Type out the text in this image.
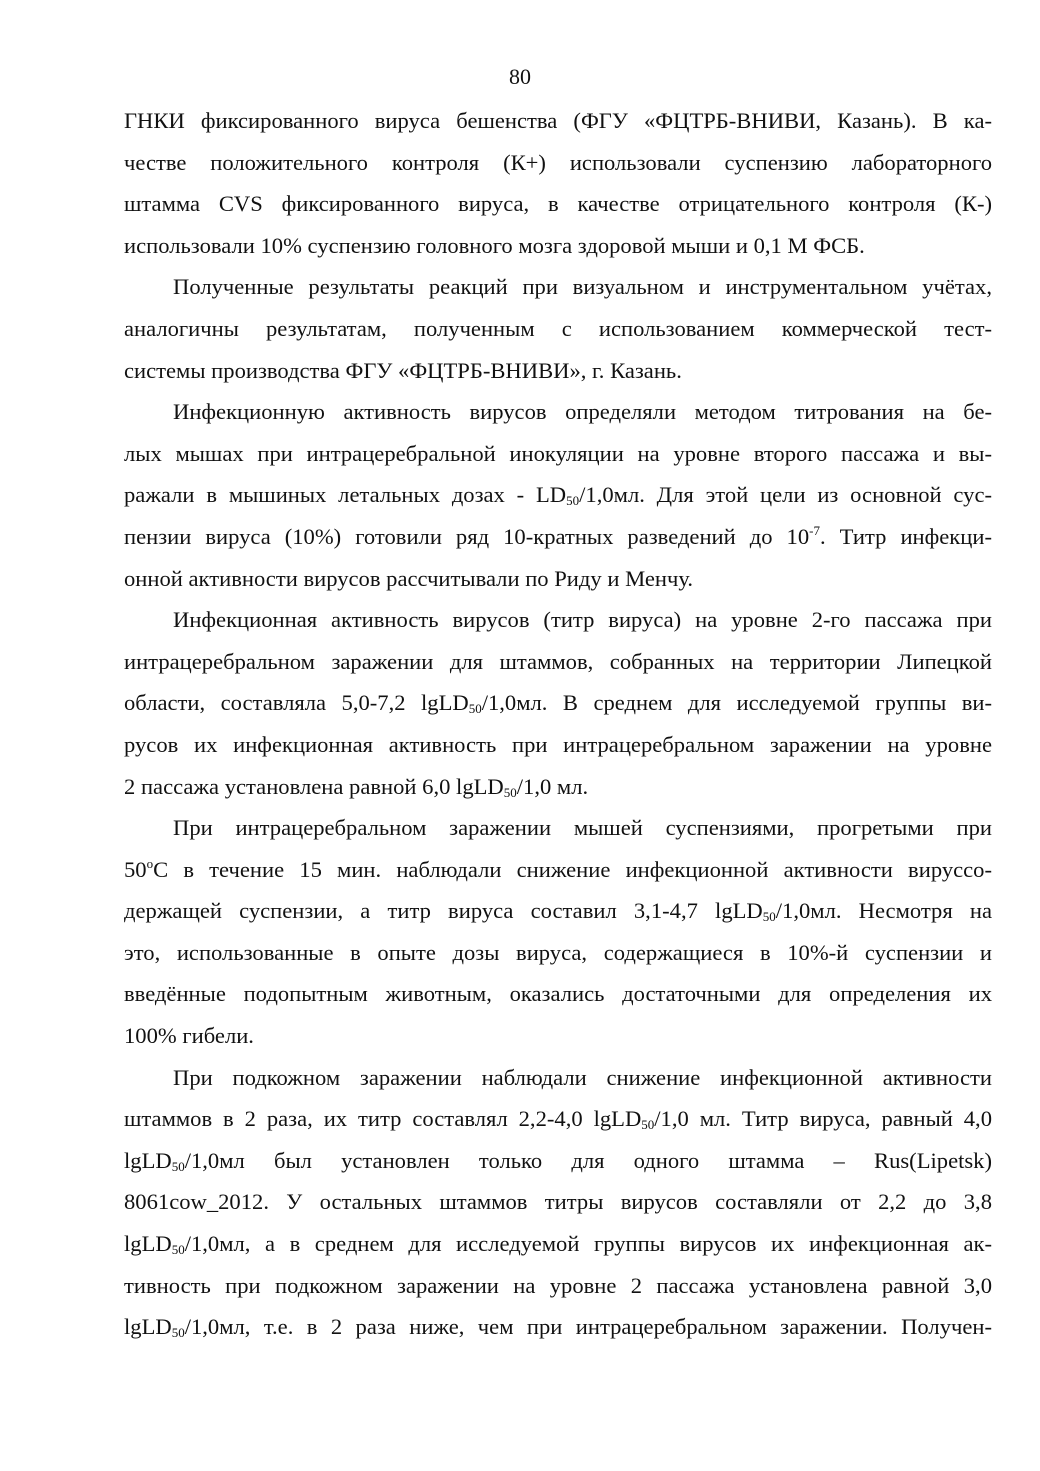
80

ГНКИ фиксированного вируса бешенства (ФГУ «ФЦТРБ-ВНИВИ, Казань). В ка-
честве положительного контроля (К+) использовали суспензию лабораторного
штамма CVS фиксированного вируса, в качестве отрицательного контроля (К-)
использовали 10% суспензию головного мозга здоровой мыши и 0,1 М ФСБ.

Полученные результаты реакций при визуальном и инструментальном учётах,
аналогичны результатам, полученным с использованием коммерческой тест-
системы производства ФГУ «ФЦТРБ-ВНИВИ», г. Казань.

Инфекционную активность вирусов определяли методом титрования на бе-
лых мышах при интрацеребральной инокуляции на уровне второго пассажа и вы-
ражали в мышиных летальных дозах - $LD_{50}/1,0мл$. Для этой цели из основной сус-
пензии вируса (10%) готовили ряд 10-кратных разведений до $10^{-7}$. Титр инфекци-
онной активности вирусов рассчитывали по Риду и Менчу.

Инфекционная активность вирусов (титр вируса) на уровне 2-го пассажа при
интрацеребральном заражении для штаммов, собранных на территории Липецкой
области, составляла 5,0-7,2 lgLD$_{50}$/1,0мл. В среднем для исследуемой группы ви-
русов их инфекционная активность при интрацеребральном заражении на уровне
2 пассажа установлена равной 6,0 lgLD$_{50}$/1,0 мл.

При интрацеребральном заражении мышей суспензиями, прогретыми при
$50^оС$ в течение 15 мин. наблюдали снижение инфекционной активности вируссо-
держащей суспензии, а титр вируса составил 3,1-4,7 lgLD$_{50}$/1,0мл. Несмотря на
это, использованные в опыте дозы вируса, содержащиеся в 10%-й суспензии и
введённые подопытным животным, оказались достаточными для определения их
100% гибели.

При подкожном заражении наблюдали снижение инфекционной активности
штаммов в 2 раза, их титр составлял 2,2-4,0 lgLD$_{50}$/1,0 мл. Титр вируса, равный 4,0
lgLD$_{50}$/1,0мл был установлен только для одного штамма – Rus(Lipetsk)
8061cow_2012. У остальных штаммов титры вирусов составляли от 2,2 до 3,8
lgLD$_{50}$/1,0мл, а в среднем для исследуемой группы вирусов их инфекционная ак-
тивность при подкожном заражении на уровне 2 пассажа установлена равной 3,0
lgLD$_{50}$/1,0мл, т.е. в 2 раза ниже, чем при интрацеребральном заражении. Получен-
